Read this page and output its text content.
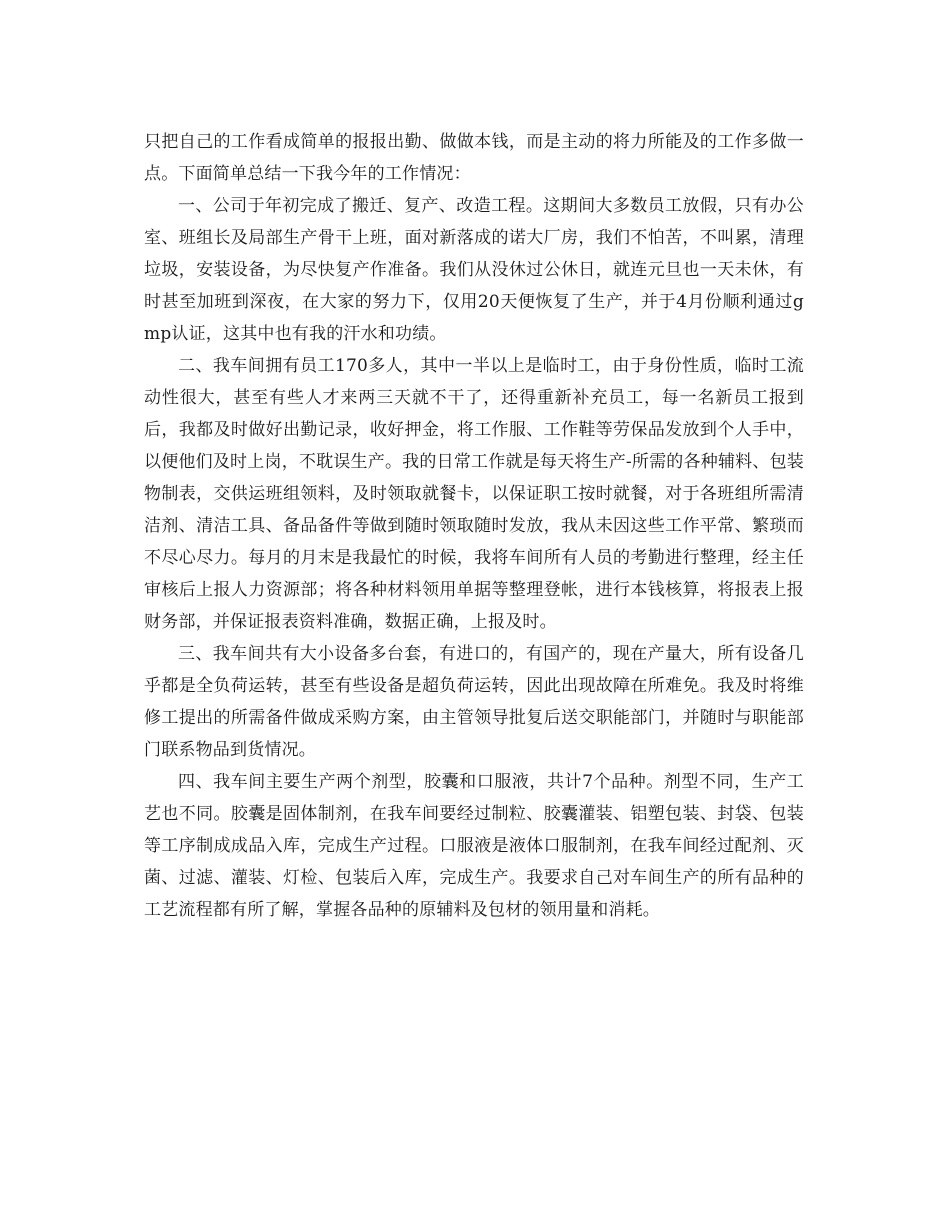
只把自己的工作看成简单的报报出勤、做做本钱，而是主动的将力所能及的工作多做一点。下面简单总结一下我今年的工作情况：

一、公司于年初完成了搬迁、复产、改造工程。这期间大多数员工放假，只有办公室、班组长及局部生产骨干上班，面对新落成的诺大厂房，我们不怕苦，不叫累，清理垃圾，安装设备，为尽快复产作准备。我们从没休过公休日，就连元旦也一天未休，有时甚至加班到深夜，在大家的努力下，仅用20天便恢复了生产，并于4月份顺利通过gmp认证，这其中也有我的汗水和功绩。

二、我车间拥有员工170多人，其中一半以上是临时工，由于身份性质，临时工流动性很大，甚至有些人才来两三天就不干了，还得重新补充员工，每一名新员工报到后，我都及时做好出勤记录，收好押金，将工作服、工作鞋等劳保品发放到个人手中，以便他们及时上岗，不耽误生产。我的日常工作就是每天将生产-所需的各种辅料、包装物制表，交供运班组领料，及时领取就餐卡，以保证职工按时就餐，对于各班组所需清洁剂、清洁工具、备品备件等做到随时领取随时发放，我从未因这些工作平常、繁琐而不尽心尽力。每月的月末是我最忙的时候，我将车间所有人员的考勤进行整理，经主任审核后上报人力资源部；将各种材料领用单据等整理登帐，进行本钱核算，将报表上报财务部，并保证报表资料准确，数据正确，上报及时。

三、我车间共有大小设备多台套，有进口的，有国产的，现在产量大，所有设备几乎都是全负荷运转，甚至有些设备是超负荷运转，因此出现故障在所难免。我及时将维修工提出的所需备件做成采购方案，由主管领导批复后送交职能部门，并随时与职能部门联系物品到货情况。

四、我车间主要生产两个剂型，胶囊和口服液，共计7个品种。剂型不同，生产工艺也不同。胶囊是固体制剂，在我车间要经过制粒、胶囊灌装、铝塑包装、封袋、包装等工序制成成品入库，完成生产过程。口服液是液体口服制剂，在我车间经过配剂、灭菌、过滤、灌装、灯检、包装后入库，完成生产。我要求自己对车间生产的所有品种的工艺流程都有所了解，掌握各品种的原辅料及包材的领用量和消耗。
